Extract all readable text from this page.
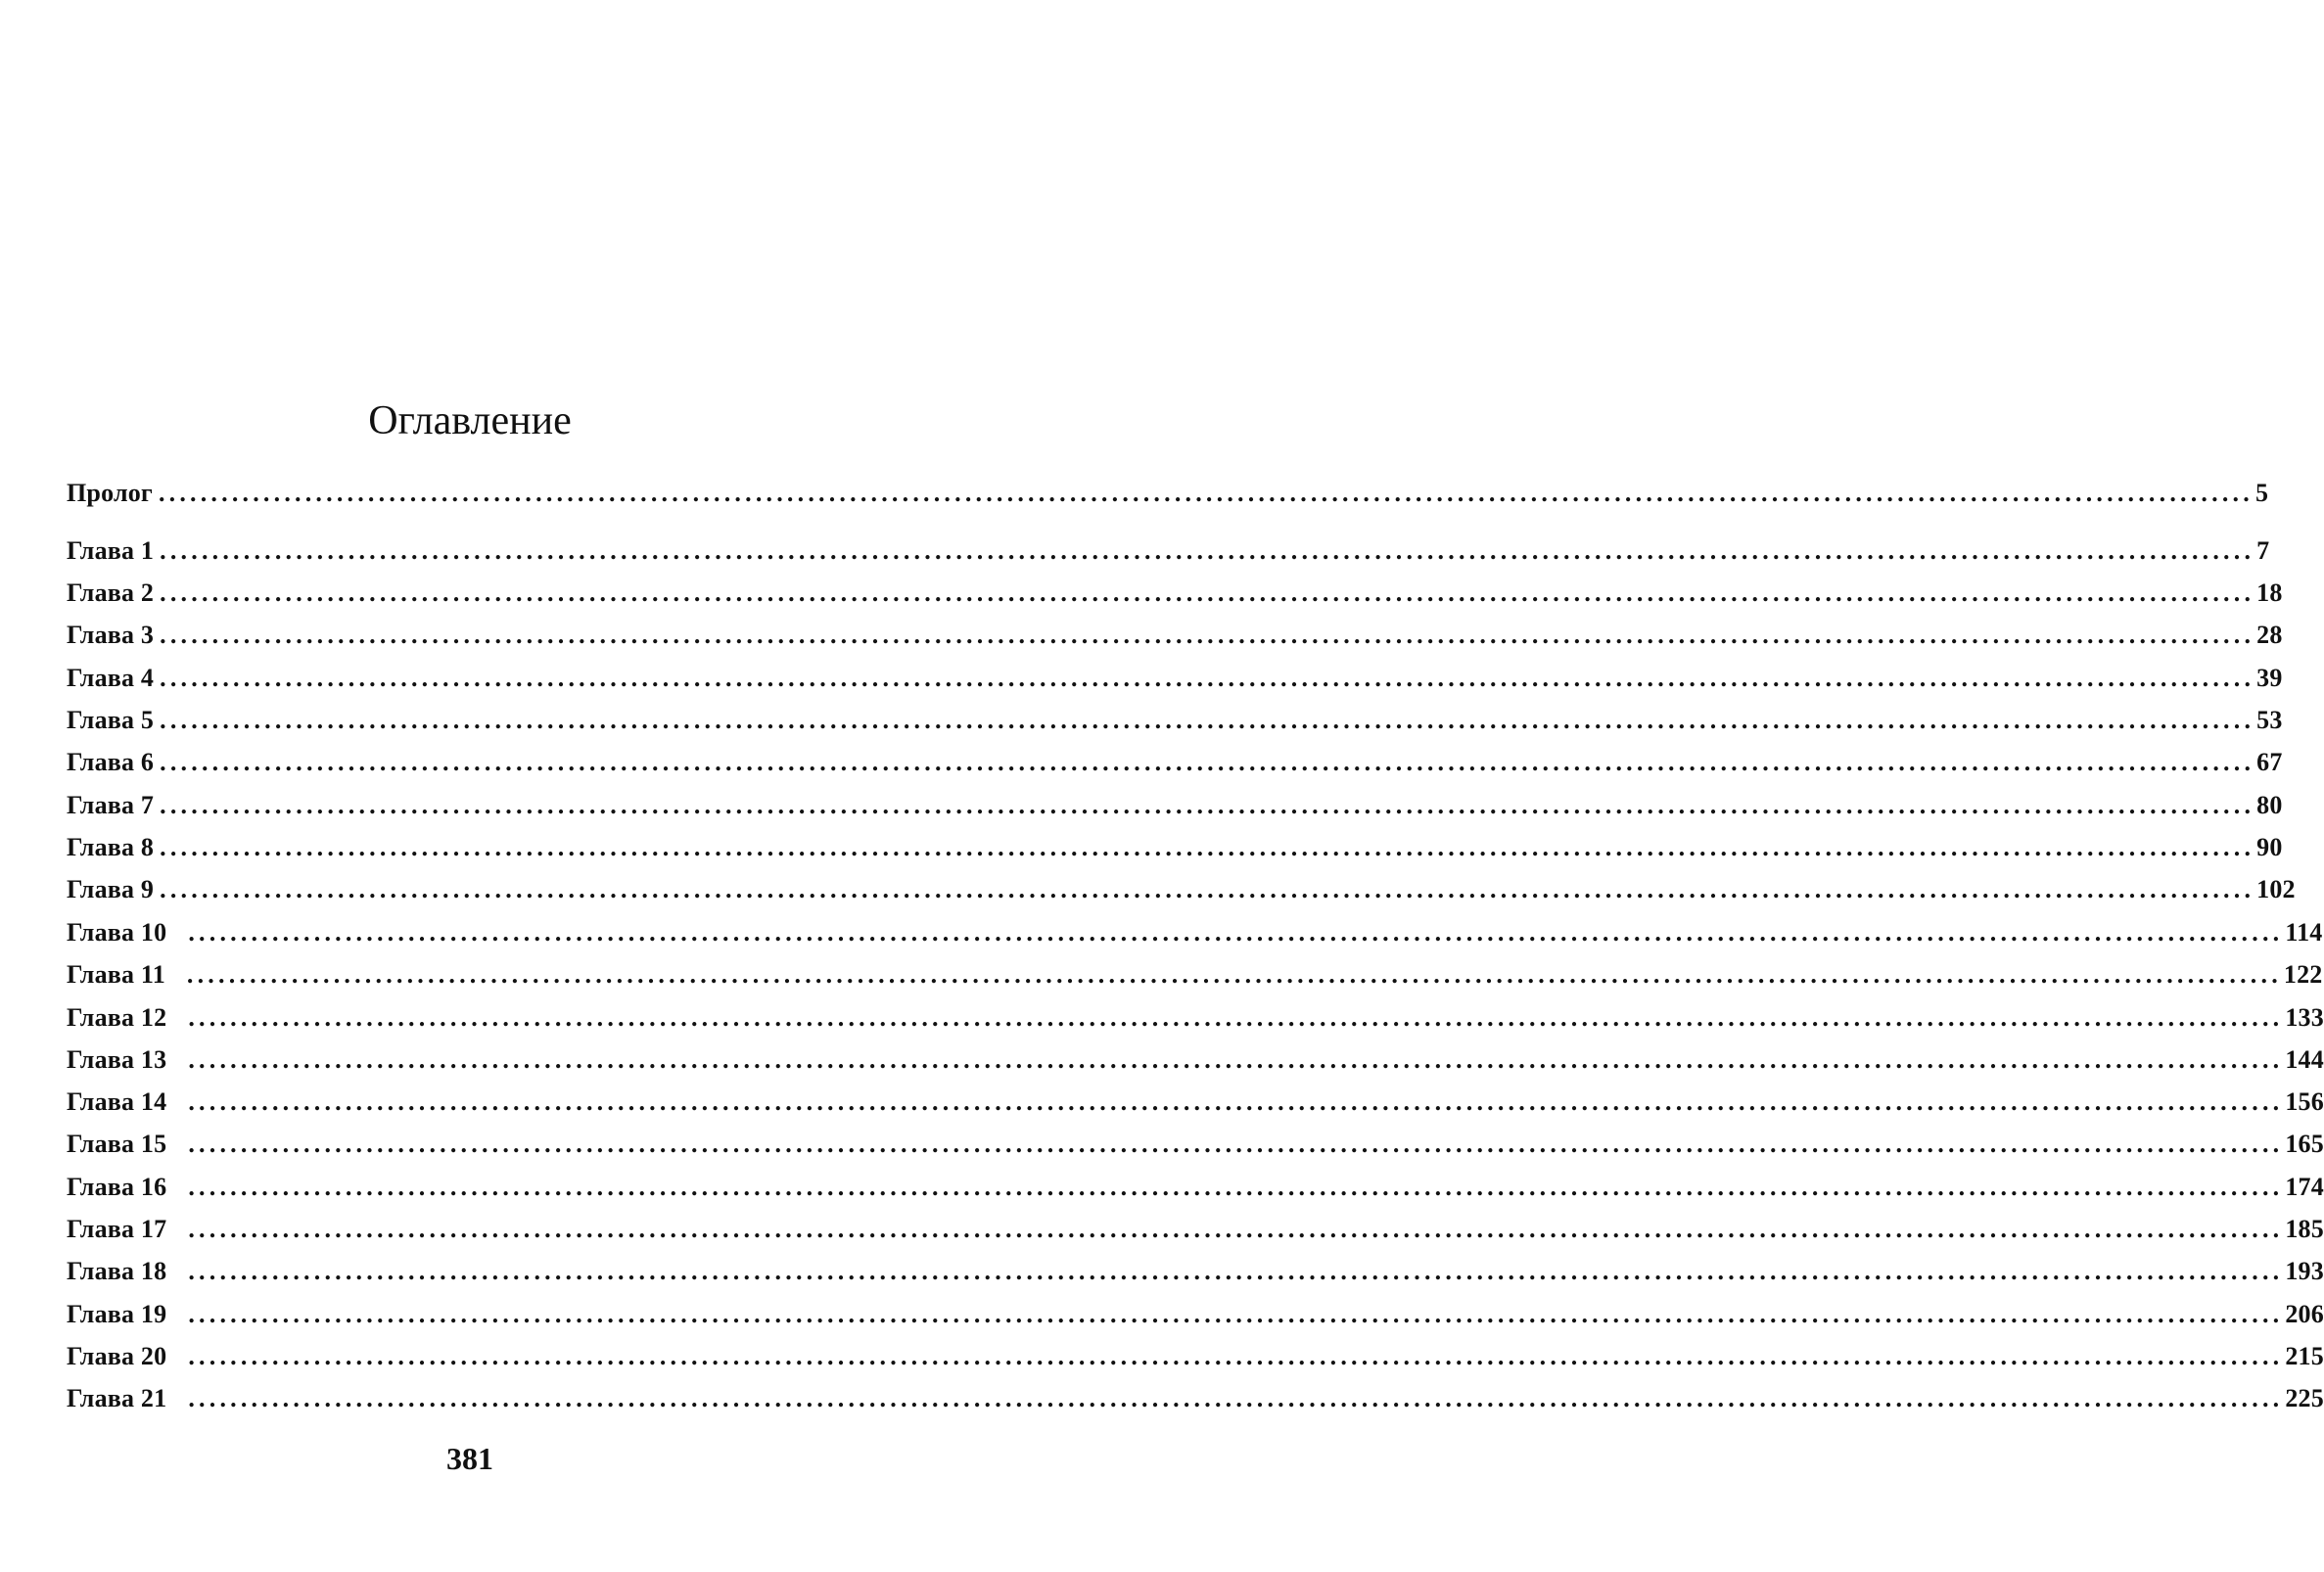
Оглавление
Пролог ........................................................................................................................................................................................................ 5
Глава 1 ........................................................................................................................................................................................................ 7
Глава 2 ........................................................................................................................................................................................................ 18
Глава 3 ........................................................................................................................................................................................................ 28
Глава 4 ........................................................................................................................................................................................................ 39
Глава 5 ........................................................................................................................................................................................................ 53
Глава 6 ........................................................................................................................................................................................................ 67
Глава 7 ........................................................................................................................................................................................................ 80
Глава 8 ........................................................................................................................................................................................................ 90
Глава 9 ........................................................................................................................................................................................................ 102
Глава 10 ........................................................................................................................................................................................................ 114
Глава 11 ........................................................................................................................................................................................................ 122
Глава 12 ........................................................................................................................................................................................................ 133
Глава 13 ........................................................................................................................................................................................................ 144
Глава 14 ........................................................................................................................................................................................................ 156
Глава 15 ........................................................................................................................................................................................................ 165
Глава 16 ........................................................................................................................................................................................................ 174
Глава 17 ........................................................................................................................................................................................................ 185
Глава 18 ........................................................................................................................................................................................................ 193
Глава 19 ........................................................................................................................................................................................................ 206
Глава 20 ........................................................................................................................................................................................................ 215
Глава 21 ........................................................................................................................................................................................................ 225
381
